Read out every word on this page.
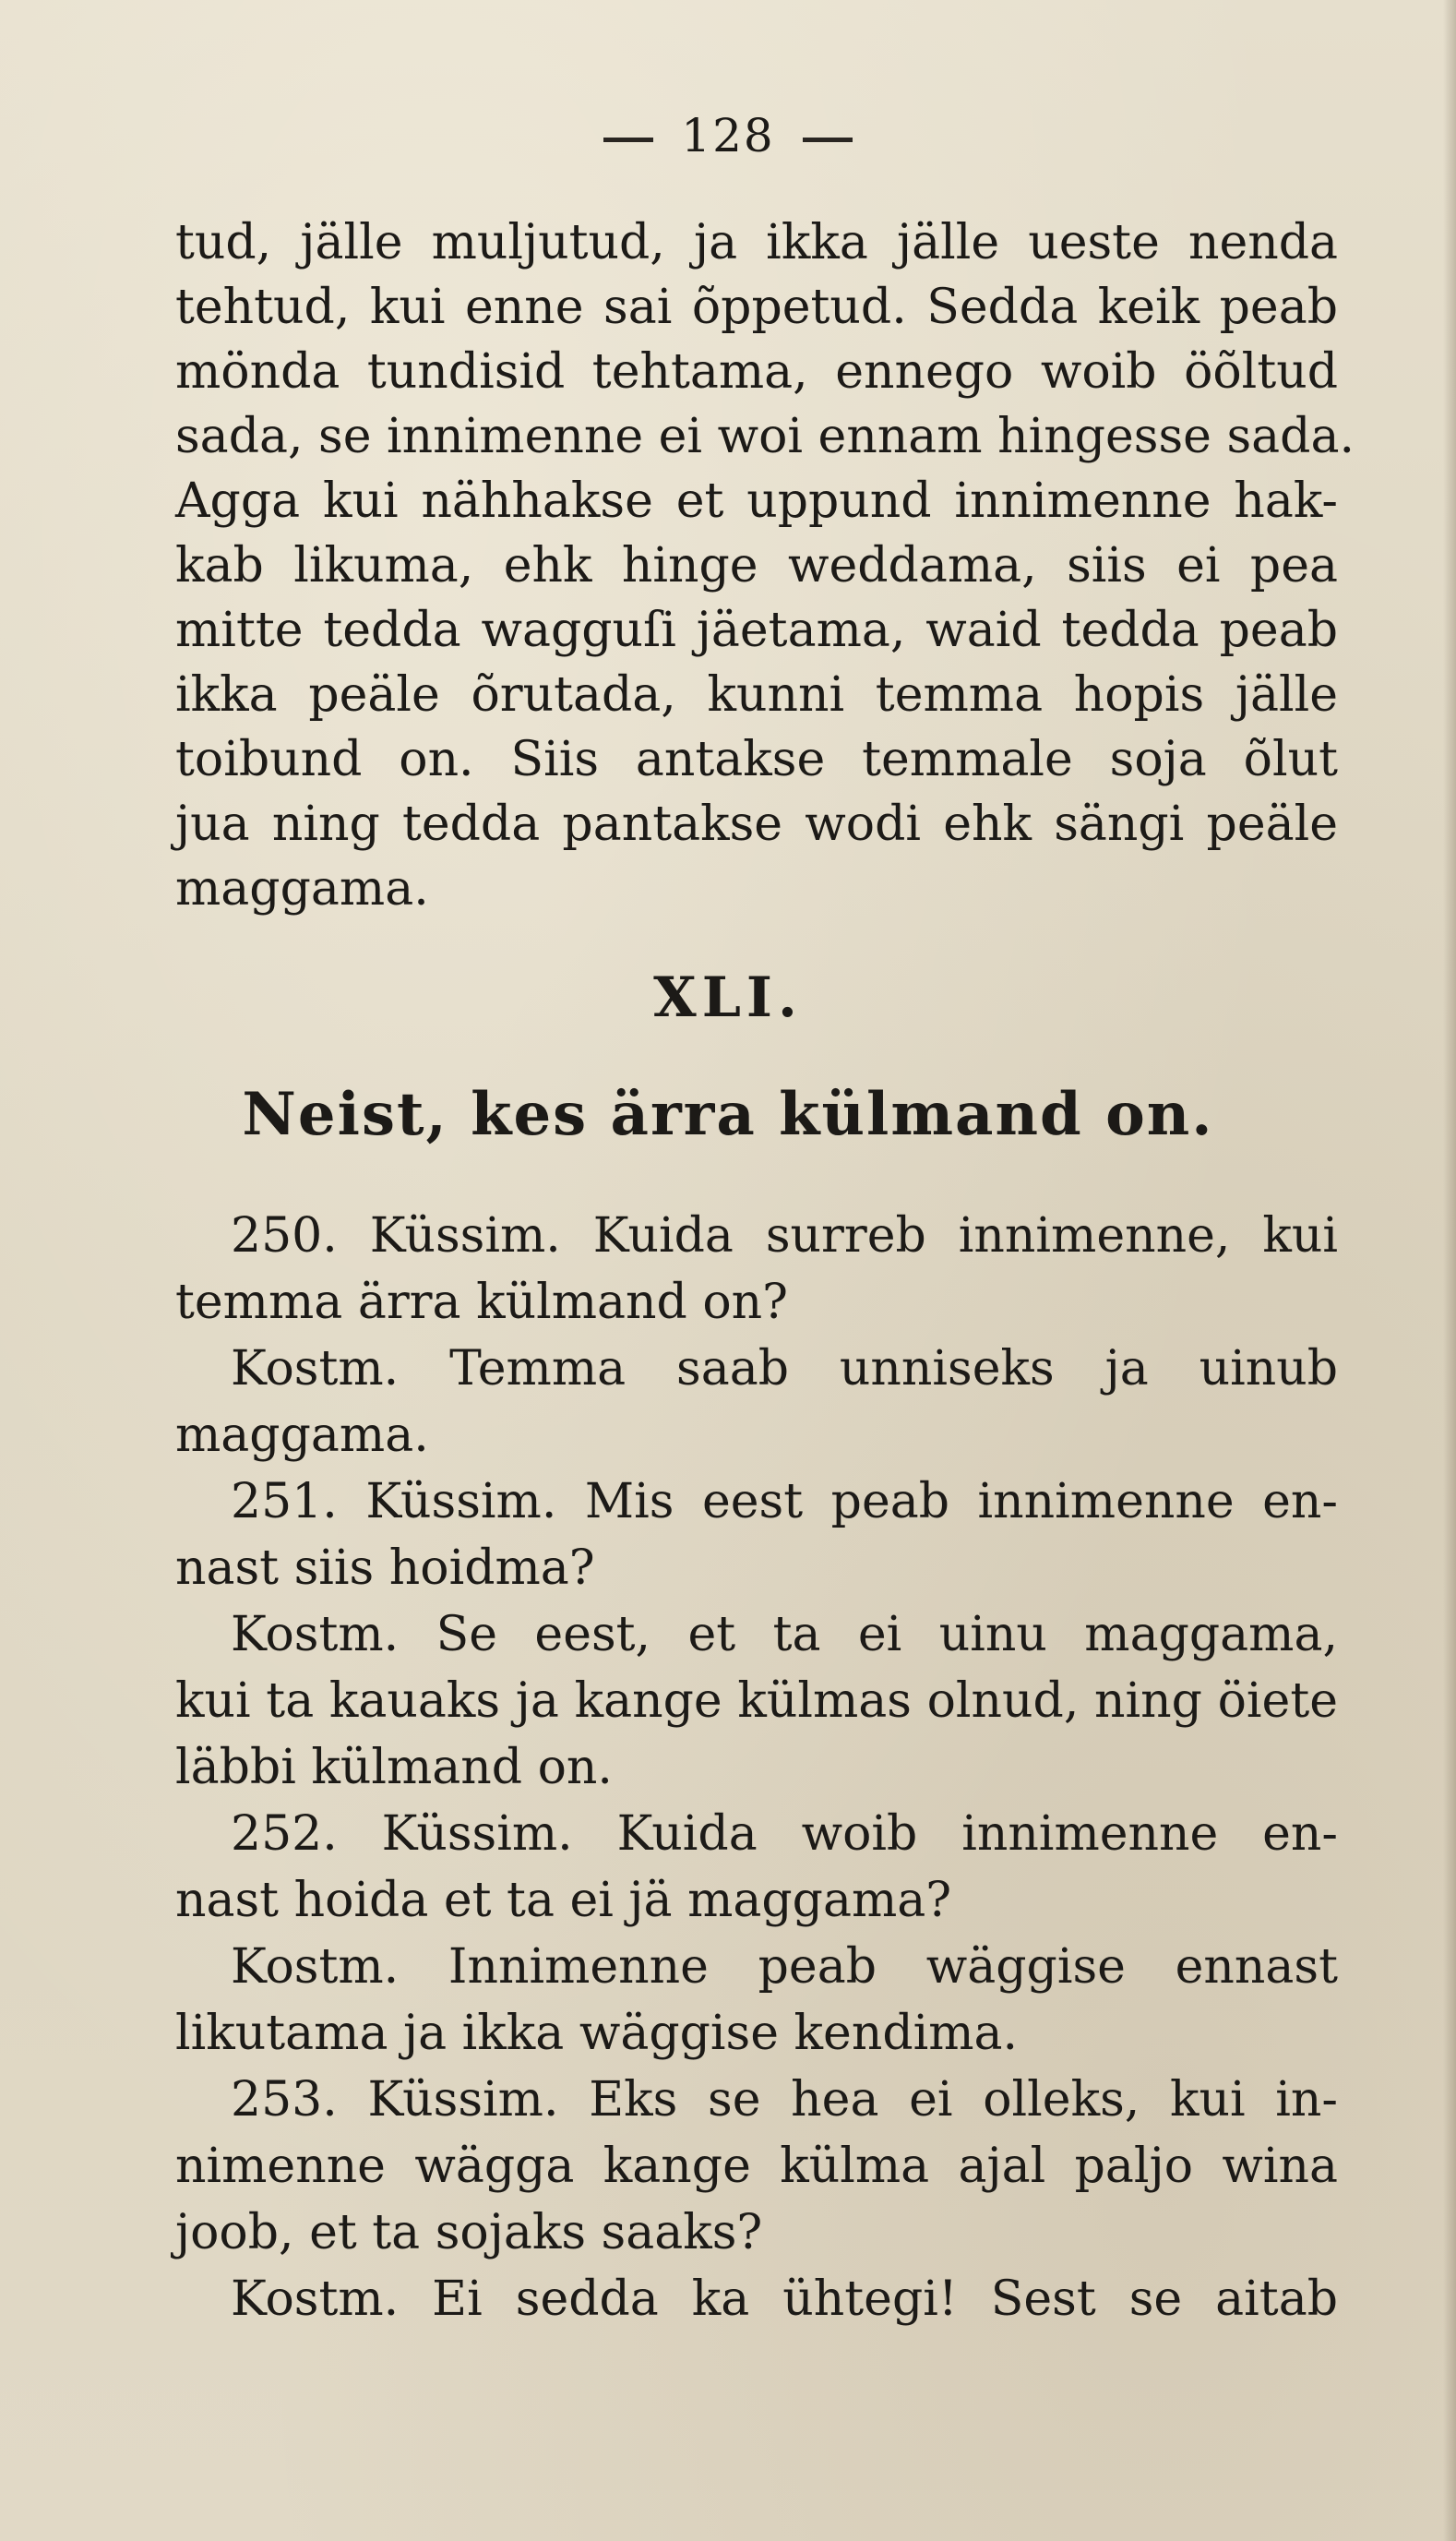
128
tud, jälle muljutud, ja ikka jälle ueste nenda
tehtud, kui enne sai õppetud. Sedda keik peab
mönda tundisid tehtama, ennego woib öõltud
sada, se innimenne ei woi ennam hingesse sada.
Agga kui nähhakse et uppund innimenne hak-
kab likuma, ehk hinge weddama, siis ei pea
mitte tedda wagguſi jäetama, waid tedda peab
ikka peäle õrutada, kunni temma hopis jälle
toibund on. Siis antakse temmale soja õlut
jua ning tedda pantakse wodi ehk sängi peäle
maggama.
XLI.
Neist, kes ärra külmand on.
250. Küssim. Kuida surreb innimenne, kui
temma ärra külmand on?
Kostm. Temma saab unniseks ja uinub
maggama.
251. Küssim. Mis eest peab innimenne en-
nast siis hoidma?
Kostm. Se eest, et ta ei uinu maggama,
kui ta kauaks ja kange külmas olnud, ning öiete
läbbi külmand on.
252. Küssim. Kuida woib innimenne en-
nast hoida et ta ei jä maggama?
Kostm. Innimenne peab wäggise ennast
likutama ja ikka wäggise kendima.
253. Küssim. Eks se hea ei olleks, kui in-
nimenne wägga kange külma ajal paljo wina
joob, et ta sojaks saaks?
Kostm. Ei sedda ka ühtegi! Sest se aitab
